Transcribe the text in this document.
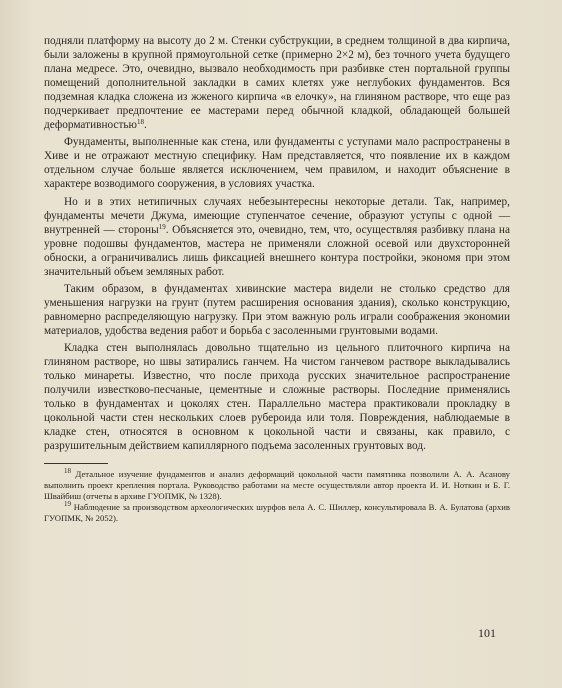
подняли платформу на высоту до 2 м. Стенки субструкции, в среднем толщиной в два кирпича, были заложены в крупной прямоугольной сетке (примерно 2×2 м), без точного учета будущего плана медресе. Это, очевидно, вызвало необходимость при разбивке стен портальной группы помещений дополнительной закладки в самих клетях уже неглубоких фундаментов. Вся подземная кладка сложена из жженого кирпича «в елочку», на глиняном растворе, что еще раз подчеркивает предпочтение ее мастерами перед обычной кладкой, обладающей большей деформативностью$^{18}$.

Фундаменты, выполненные как стена, или фундаменты с уступами мало распространены в Хиве и не отражают местную специфику. Нам представляется, что появление их в каждом отдельном случае больше является исключением, чем правилом, и находит объяснение в характере возводимого сооружения, в условиях участка.

Но и в этих нетипичных случаях небезынтересны некоторые детали. Так, например, фундаменты мечети Джума, имеющие ступенчатое сечение, образуют уступы с одной — внутренней — стороны$^{19}$. Объясняется это, очевидно, тем, что, осуществляя разбивку плана на уровне подошвы фундаментов, мастера не применяли сложной осевой или двухсторонней обноски, а ограничивались лишь фиксацией внешнего контура постройки, экономя при этом значительный объем земляных работ.

Таким образом, в фундаментах хивинские мастера видели не столько средство для уменьшения нагрузки на грунт (путем расширения основания здания), сколько конструкцию, равномерно распределяющую нагрузку. При этом важную роль играли соображения экономии материалов, удобства ведения работ и борьба с засоленными грунтовыми водами.

Кладка стен выполнялась довольно тщательно из цельного плиточного кирпича на глиняном растворе, но швы затирались ганчем. На чистом ганчевом растворе выкладывались только минареты. Известно, что после прихода русских значительное распространение получили известково-песчаные, цементные и сложные растворы. Последние применялись только в фундаментах и цоколях стен. Параллельно мастера практиковали прокладку в цокольной части стен нескольких слоев рубероида или толя. Повреждения, наблюдаемые в кладке стен, относятся в основном к цокольной части и связаны, как правило, с разрушительным действием капиллярного подъема засоленных грунтовых вод.

$^{18}$ Детальное изучение фундаментов и анализ деформаций цокольной части памятника позволили А. А. Асанову выполнить проект крепления портала. Руководство работами на месте осуществляли автор проекта И. И. Ноткин и Б. Г. Швайбиш (отчеты в архиве ГУОПМК, № 1328).

$^{19}$ Наблюдение за производством археологических шурфов вела А. С. Шиллер, консультировала В. А. Булатова (архив ГУОПМК, № 2052).

101
